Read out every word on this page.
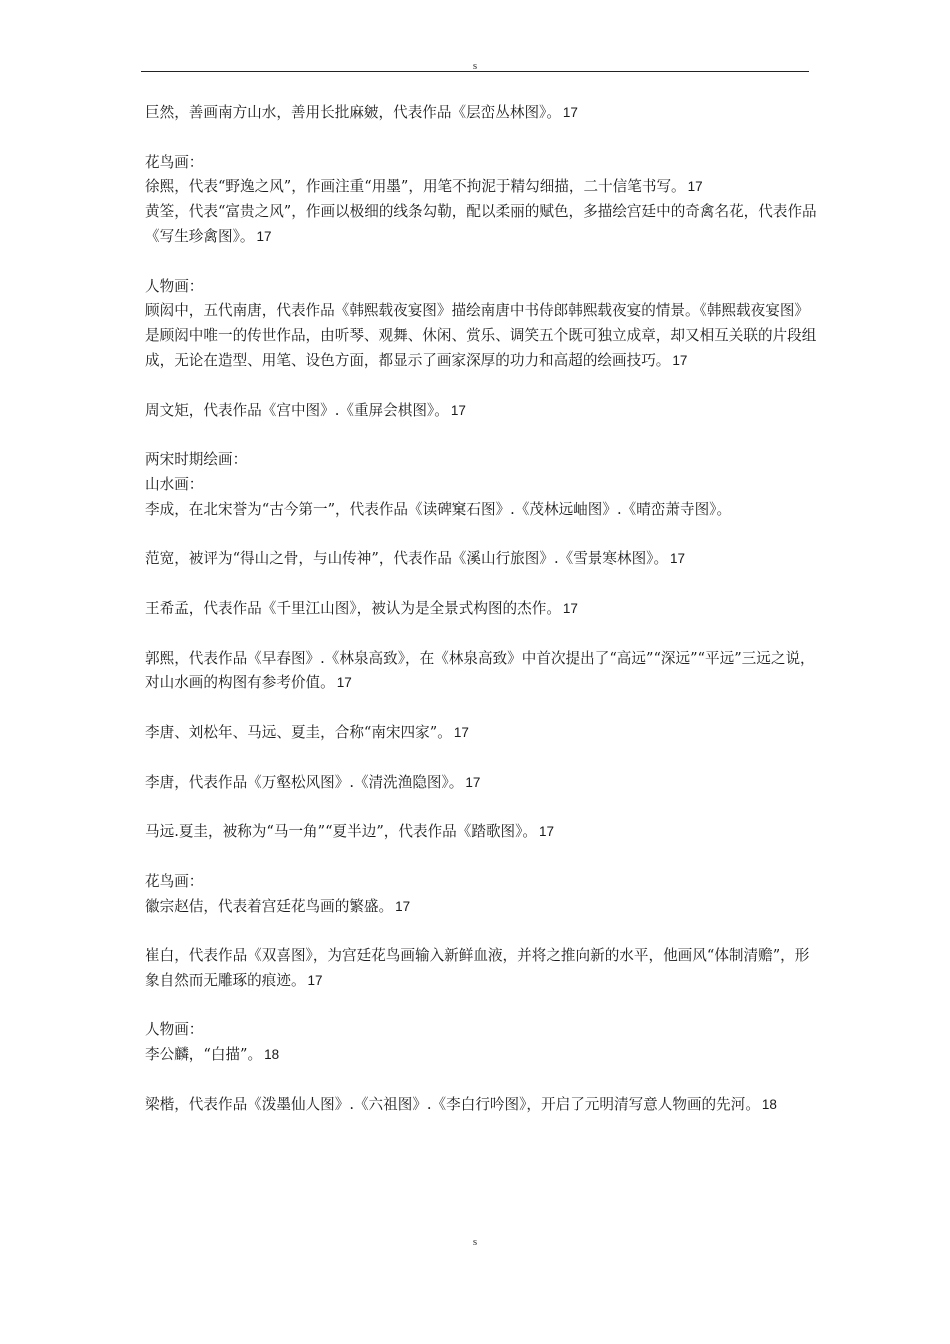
s

巨然，善画南方山水，善用长批麻皴，代表作品《层峦丛林图》。 17

花鸟画：

徐熙，代表“野逸之风”，作画注重“用墨”，用笔不拘泥于精勾细描，二十信笔书写。 17

黄筌，代表“富贵之风”，作画以极细的线条勾勒，配以柔丽的赋色，多描绘宫廷中的奇禽名花，代表作品《写生珍禽图》。 17

人物画：

顾闳中，五代南唐，代表作品《韩熙载夜宴图》描绘南唐中书侍郎韩熙载夜宴的情景。《韩熙载夜宴图》是顾闳中唯一的传世作品，由听琴、观舞、休闲、赏乐、调笑五个既可独立成章，却又相互关联的片段组成，无论在造型、用笔、设色方面，都显示了画家深厚的功力和高超的绘画技巧。 17

周文矩，代表作品《宫中图》.《重屏会棋图》。 17

两宋时期绘画：

山水画：

李成，在北宋誉为“古今第一”，代表作品《读碑窠石图》.《茂林远岫图》.《晴峦萧寺图》。

范宽，被评为“得山之骨，与山传神”，代表作品《溪山行旅图》.《雪景寒林图》。 17

王希孟，代表作品《千里江山图》，被认为是全景式构图的杰作。 17

郭熙，代表作品《早春图》.《林泉高致》，在《林泉高致》中首次提出了“高远”“深远”“平远”三远之说，对山水画的构图有参考价值。 17

李唐、刘松年、马远、夏圭，合称“南宋四家”。 17

李唐，代表作品《万壑松风图》.《清洗渔隐图》。 17

马远.夏圭，被称为“马一角”“夏半边”，代表作品《踏歌图》。 17

花鸟画：

徽宗赵佶，代表着宫廷花鸟画的繁盛。 17

崔白，代表作品《双喜图》，为宫廷花鸟画输入新鲜血液，并将之推向新的水平，他画风“体制清赡”，形象自然而无雕琢的痕迹。 17

人物画：

李公麟，“白描”。 18

梁楷，代表作品《泼墨仙人图》.《六祖图》.《李白行吟图》，开启了元明清写意人物画的先河。 18

s
